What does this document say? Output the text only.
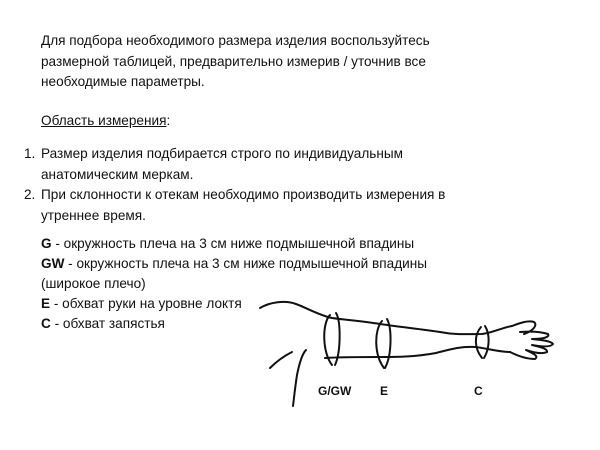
Для подбора необходимого размера изделия воспользуйтесь

размерной таблицей, предварительно измерив / уточнив все

необходимые параметры.

Область измерения:
1. Размер изделия подбирается строго по индивидуальным
анатомическим меркам.
2. При склонности к отекам необходимо производить измерения в
утреннее время.
G - окружность плеча на 3 см ниже подмышечной впадины
GW - окружность плеча на 3 см ниже подмышечной впадины
(широкое плечо)
E - обхват руки на уровне локтя
C - обхват запястья
G/GW E	C
